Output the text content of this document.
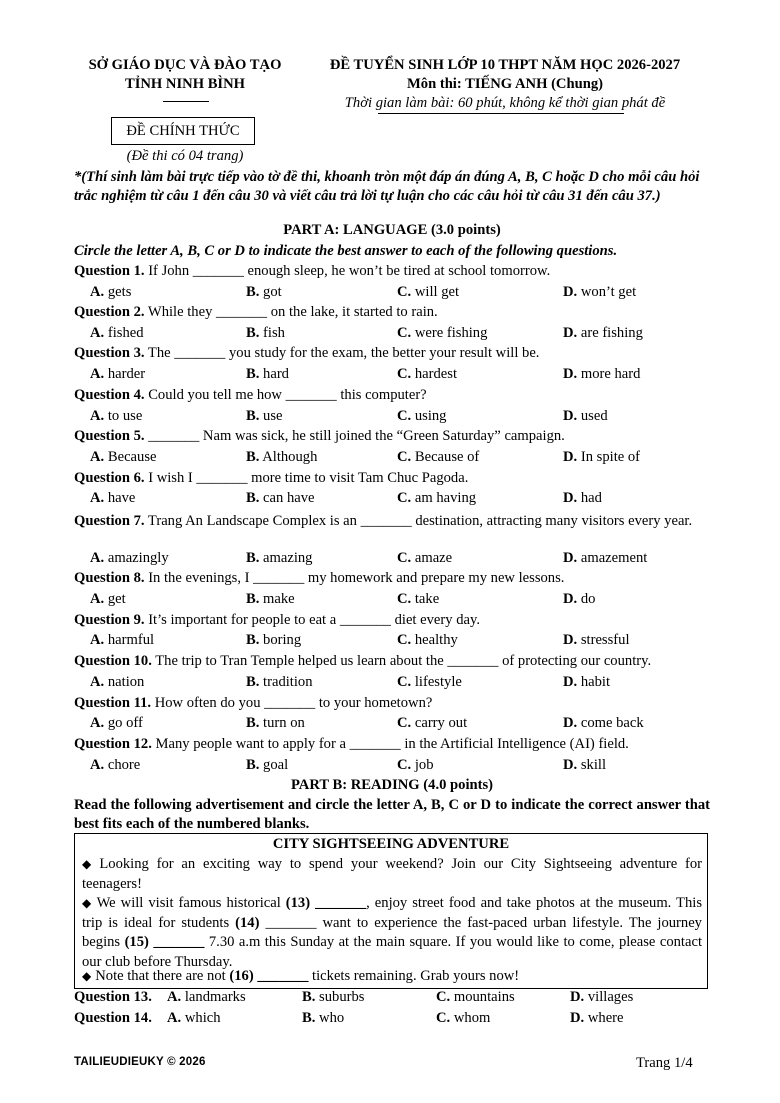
SỞ GIÁO DỤC VÀ ĐÀO TẠO
TỈNH NINH BÌNH
ĐỀ TUYỂN SINH LỚP 10 THPT NĂM HỌC 2026-2027
Môn thi: TIẾNG ANH (Chung)
Thời gian làm bài: 60 phút, không kể thời gian phát đề
ĐỀ CHÍNH THỨC
(Đề thi có 04 trang)
*(Thí sinh làm bài trực tiếp vào tờ đề thi, khoanh tròn một đáp án đúng A, B, C hoặc D cho mỗi câu hỏi trắc nghiệm từ câu 1 đến câu 30 và viết câu trả lời tự luận cho các câu hỏi từ câu 31 đến câu 37.)
PART A: LANGUAGE (3.0 points)
Circle the letter A, B, C or D to indicate the best answer to each of the following questions.
Question 1. If John _______ enough sleep, he won’t be tired at school tomorrow.
A. gets	B. got	C. will get	D. won’t get
Question 2. While they _______ on the lake, it started to rain.
A. fished	B. fish	C. were fishing	D. are fishing
Question 3. The _______ you study for the exam, the better your result will be.
A. harder	B. hard	C. hardest	D. more hard
Question 4. Could you tell me how _______ this computer?
A. to use	B. use	C. using	D. used
Question 5. _______ Nam was sick, he still joined the “Green Saturday” campaign.
A. Because	B. Although	C. Because of	D. In spite of
Question 6. I wish I _______ more time to visit Tam Chuc Pagoda.
A. have	B. can have	C. am having	D. had
Question 7. Trang An Landscape Complex is an _______ destination, attracting many visitors every year.
A. amazingly	B. amazing	C. amaze	D. amazement
Question 8. In the evenings, I _______ my homework and prepare my new lessons.
A. get	B. make	C. take	D. do
Question 9. It’s important for people to eat a _______ diet every day.
A. harmful	B. boring	C. healthy	D. stressful
Question 10. The trip to Tran Temple helped us learn about the _______ of protecting our country.
A. nation	B. tradition	C. lifestyle	D. habit
Question 11. How often do you _______ to your hometown?
A. go off	B. turn on	C. carry out	D. come back
Question 12. Many people want to apply for a _______ in the Artificial Intelligence (AI) field.
A. chore	B. goal	C. job	D. skill
PART B: READING (4.0 points)
Read the following advertisement and circle the letter A, B, C or D to indicate the correct answer that best fits each of the numbered blanks.
CITY SIGHTSEEING ADVENTURE
◆ Looking for an exciting way to spend your weekend? Join our City Sightseeing adventure for teenagers!
◆ We will visit famous historical (13) _______, enjoy street food and take photos at the museum. This trip is ideal for students (14) _______ want to experience the fast-paced urban lifestyle. The journey begins (15) _______ 7.30 a.m this Sunday at the main square. If you would like to come, please contact our club before Thursday.
◆ Note that there are not (16) _______ tickets remaining. Grab yours now!
Question 13. A. landmarks	B. suburbs	C. mountains	D. villages
Question 14. A. which	B. who	C. whom	D. where
TAILIEUDIEUKY © 2026	Trang 1/4
